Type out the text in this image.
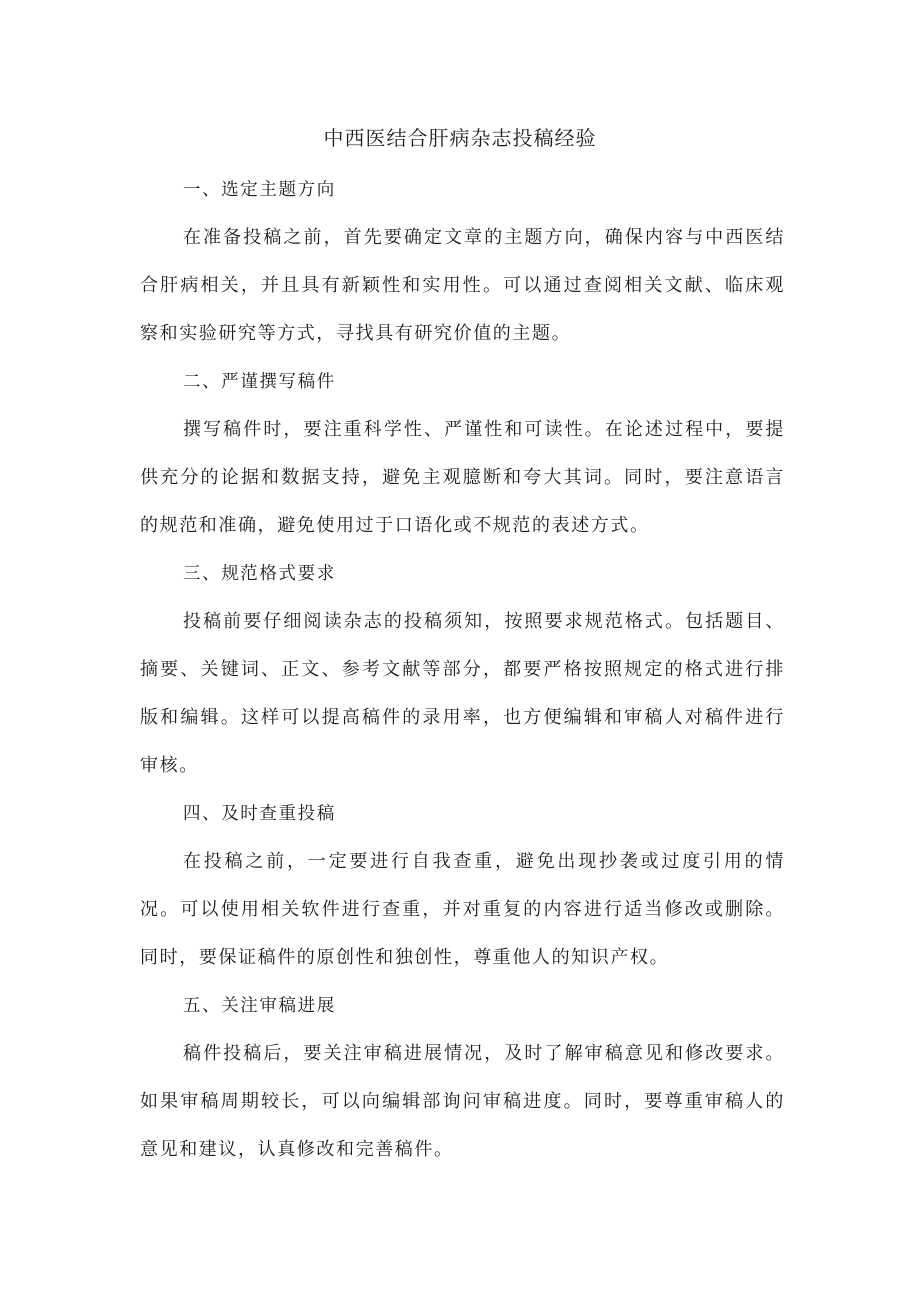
中西医结合肝病杂志投稿经验

一、选定主题方向

在准备投稿之前，首先要确定文章的主题方向，确保内容与中西医结合肝病相关，并且具有新颖性和实用性。可以通过查阅相关文献、临床观察和实验研究等方式，寻找具有研究价值的主题。

二、严谨撰写稿件

撰写稿件时，要注重科学性、严谨性和可读性。在论述过程中，要提供充分的论据和数据支持，避免主观臆断和夸大其词。同时，要注意语言的规范和准确，避免使用过于口语化或不规范的表述方式。

三、规范格式要求

投稿前要仔细阅读杂志的投稿须知，按照要求规范格式。包括题目、摘要、关键词、正文、参考文献等部分，都要严格按照规定的格式进行排版和编辑。这样可以提高稿件的录用率，也方便编辑和审稿人对稿件进行审核。

四、及时查重投稿

在投稿之前，一定要进行自我查重，避免出现抄袭或过度引用的情况。可以使用相关软件进行查重，并对重复的内容进行适当修改或删除。同时，要保证稿件的原创性和独创性，尊重他人的知识产权。

五、关注审稿进展

稿件投稿后，要关注审稿进展情况，及时了解审稿意见和修改要求。如果审稿周期较长，可以向编辑部询问审稿进度。同时，要尊重审稿人的意见和建议，认真修改和完善稿件。
